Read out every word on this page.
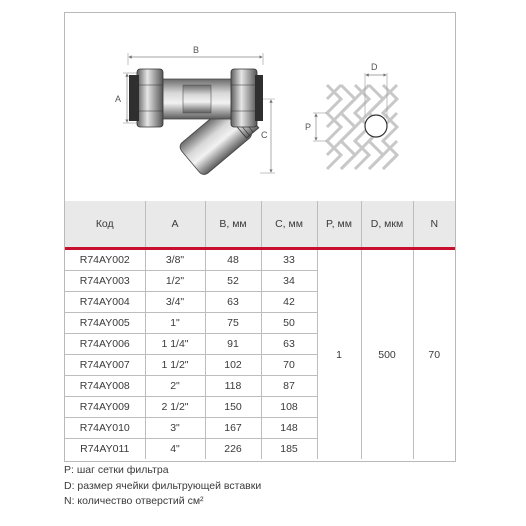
B
A
C
D
P
Код	A	B, мм	C, мм	P, мм	D, мкм	N
R74AY002	3/8"	48	33	1	500	70
R74AY003	1/2"	52	34			
R74AY004	3/4"	63	42			
R74AY005	1"	75	50			
R74AY006	1 1/4"	91	63			
R74AY007	1 1/2"	102	70			
R74AY008	2"	118	87			
R74AY009	2 1/2"	150	108			
R74AY010	3"	167	148			
R74AY011	4"	226	185			
P: шаг сетки фильтра
D: размер ячейки фильтрующей вставки
N: количество отверстий см²
